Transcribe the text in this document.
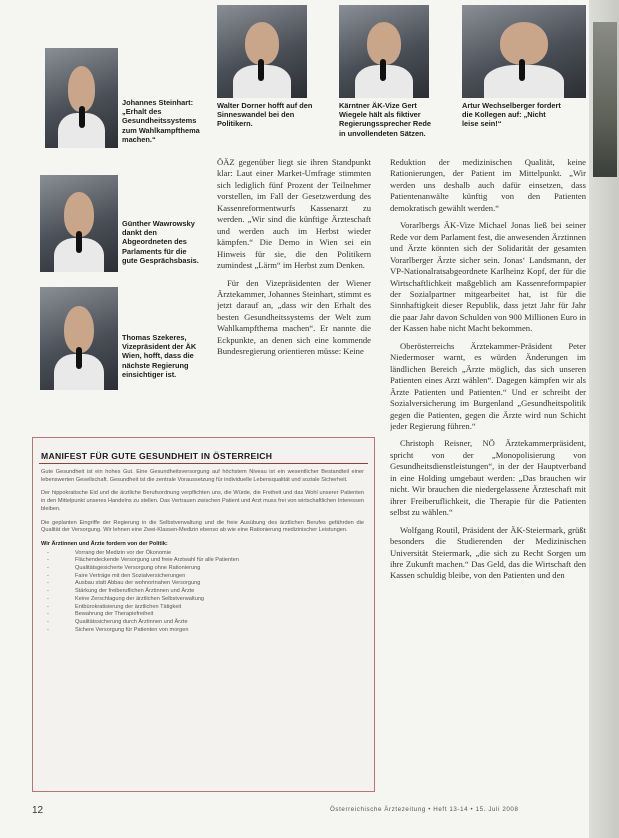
Johannes Steinhart: „Erhalt des Gesundheitssystems zum Wahlkampfthema machen.“
Walter Dorner hofft auf den Sinneswandel bei den Politikern.
Kärntner ÄK-Vize Gert Wiegele hält als fiktiver Regierungssprecher Rede in unvollendeten Sätzen.
Artur Wechselberger fordert die Kollegen auf: „Nicht leise sein!“
Günther Wawrowsky dankt den Abgeordneten des Parlaments für die gute Gesprächsbasis.
Thomas Szekeres, Vizepräsident der ÄK Wien, hofft, dass die nächste Regierung einsichtiger ist.

ÖÄZ gegenüber liegt sie ihren Standpunkt klar: Laut einer Market-Umfrage stimmten sich lediglich fünf Prozent der Teilnehmer vorstellen, im Fall der Gesetzwerdung des Kassenreformentwurfs Kassenarzt zu werden. „Wir sind die künftige Ärzteschaft und werden auch im Herbst wieder kämpfen.“ Die Demo in Wien sei ein Hinweis für sie, die den Politikern zumindest „Lärm“ im Herbst zum Denken.

Für den Vizepräsidenten der Wiener Ärztekammer, Johannes Steinhart, stimmt es jetzt darauf an, „dass wir den Erhalt des besten Gesundheitssystems der Welt zum Wahlkampfthema machen“. Er nannte die Eckpunkte, an denen sich eine kommende Bundesregierung orientieren müsse: Keine

Reduktion der medizinischen Qualität, keine Rationierungen, der Patient im Mittelpunkt. „Wir werden uns deshalb auch dafür einsetzen, dass Patientenanwälte künftig von den Patienten demokratisch gewählt werden.“

Vorarlbergs ÄK-Vize Michael Jonas ließ bei seiner Rede vor dem Parlament fest, die anwesenden Ärztinnen und Ärzte könnten sich der Solidarität der gesamten Vorarlberger Ärzte sicher sein. Jonas‘ Landsmann, der VP-Nationalratsabgeordnete Karlheinz Kopf, der für die Wirtschaftlichkeit maßgeblich am Kassenreformpapier der Sozialpartner mitgearbeitet hat, ist für die Sinnhaftigkeit dieser Republik, dass jetzt Jahr für Jahr die paar Jahr davon Schulden von 900 Millionen Euro in der Kassen habe nicht Macht bekommen.

Oberösterreichs Ärztekammer-Präsident Peter Niedermoser warnt, es würden Änderungen im ländlichen Bereich „Ärzte möglich, das sich unseren Patienten eines Arzt wählen“. Dagegen kämpfen wir als Ärzte Patienten und Patienten.“ Und er schreibt der Sozialversicherung im Burgenland „Gesundheitspolitik gegen die Patienten, gegen die Ärzte wird nun Schicht jeder Regierung führen.“

Christoph Reisner, NÖ Ärztekammerpräsident, spricht von der „Monopolisierung von Gesundheitsdienstleistungen“, in der der Hauptverband in eine Holding umgebaut werden: „Das brauchen wir nicht. Wir brauchen die niedergelassene Ärzteschaft mit ihrer Freiberuflichkeit, die Therapie für die Patienten selbst zu wählen.“

Wolfgang Routil, Präsident der ÄK-Steiermark, grüßt besonders die Studierenden der Medizinischen Universität Steiermark, „die sich zu Recht Sorgen um ihre Zukunft machen.“ Das Geld, das die Wirtschaft den Kassen schuldig bleibe, von den Patienten und den

MANIFEST FÜR GUTE GESUNDHEIT IN ÖSTERREICH

Gute Gesundheit ist ein hohes Gut. Eine Gesundheitsversorgung auf höchstem Niveau ist ein wesentlicher Bestandteil einer lebenswerten Gesellschaft. Gesundheit ist die zentrale Voraussetzung für individuelle Lebensqualität und soziale Sicherheit.

Der hippokratische Eid und die ärztliche Berufsordnung verpflichten uns, die Würde, die Freiheit und das Wohl unserer Patienten in den Mittelpunkt unseres Handelns zu stellen. Das Vertrauen zwischen Patient und Arzt muss frei von wirtschaftlichen Interessen bleiben.

Die geplanten Eingriffe der Regierung in die Selbstverwaltung und die freie Ausübung des ärztlichen Berufes gefährden die Qualität der Versorgung. Wir lehnen eine Zwei-Klassen-Medizin ebenso ab wie eine Rationierung medizinischer Leistungen.

Wir Ärztinnen und Ärzte fordern von der Politik:
- Vorrang der Medizin vor der Ökonomie
- Flächendeckende Versorgung und freie Arztwahl für alle Patienten
- Qualitätsgesicherte Versorgung ohne Rationierung
- Faire Verträge mit den Sozialversicherungen
- Ausbau statt Abbau der wohnortnahen Versorgung
- Stärkung der freiberuflichen Ärztinnen und Ärzte
- Keine Zerschlagung der ärztlichen Selbstverwaltung
- Entbürokratisierung der ärztlichen Tätigkeit
- Bewahrung der Therapiefreiheit
- Qualitätssicherung durch Ärztinnen und Ärzte
- Sichere Versorgung für Patienten von morgen
12	Österreichische Ärztezeitung • Heft 13-14 • 15. Juli 2008
